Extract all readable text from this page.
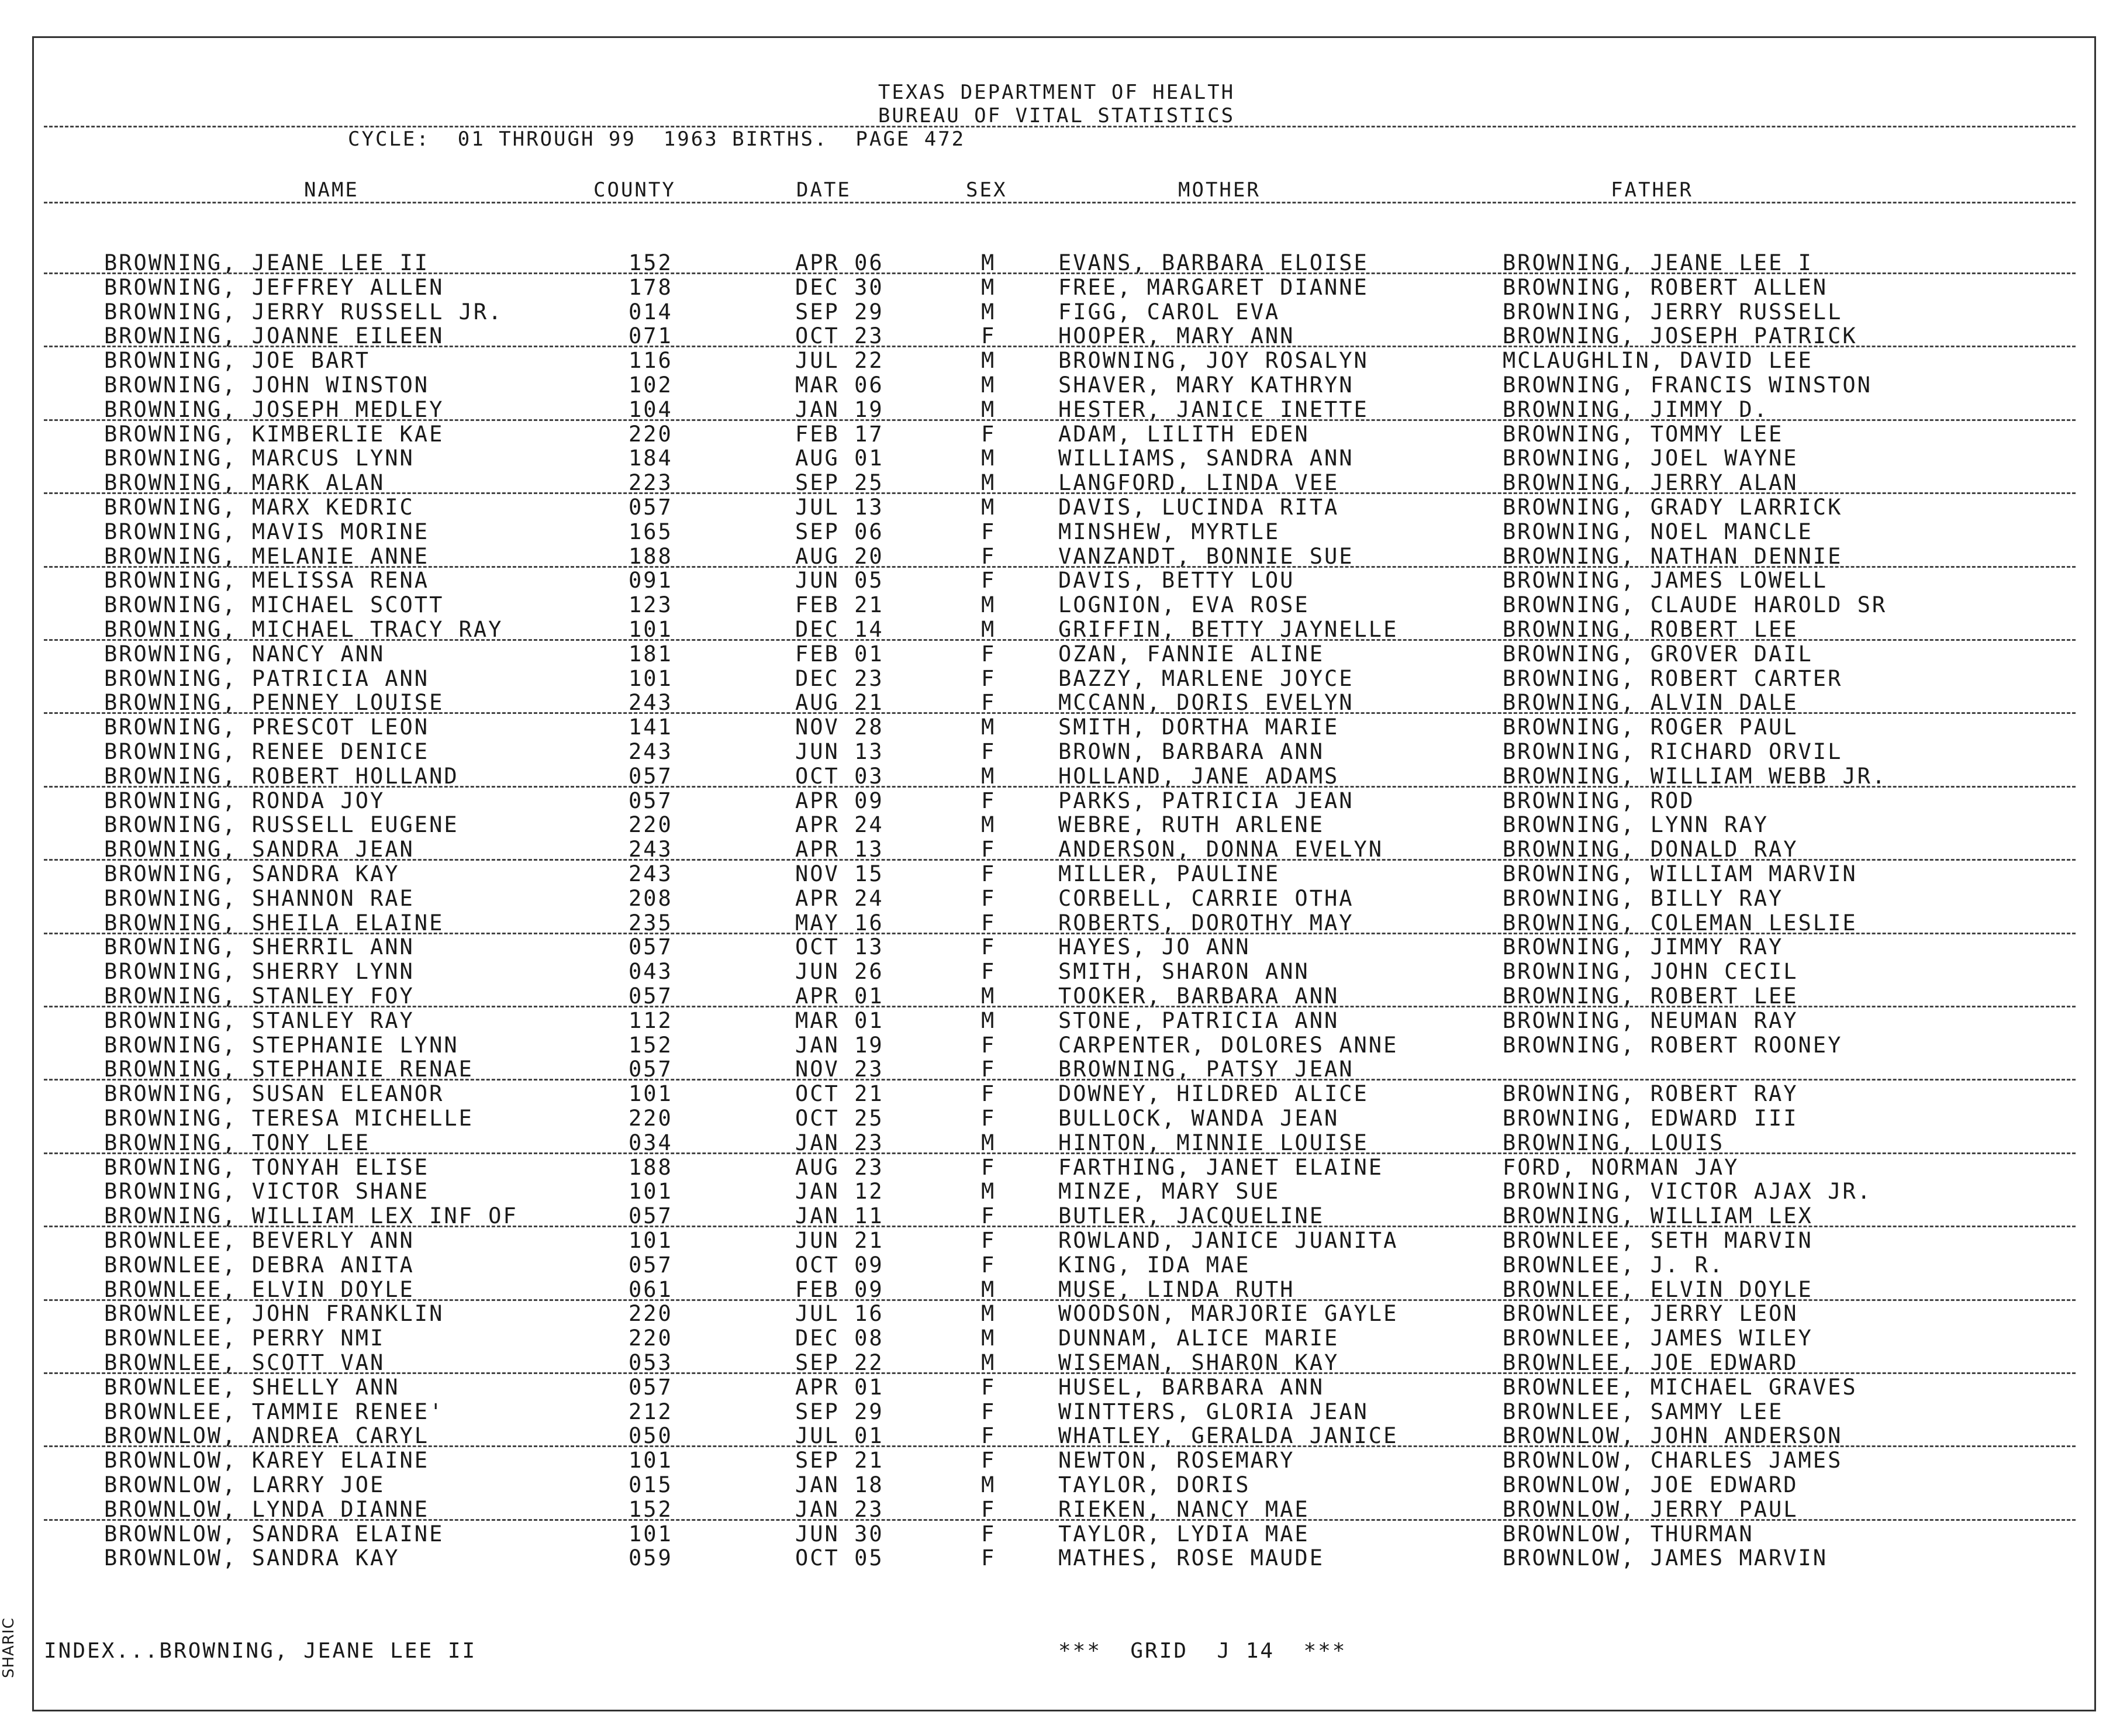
SHARIC
TEXAS DEPARTMENT OF HEALTH
BUREAU OF VITAL STATISTICS
CYCLE:  01 THROUGH 99  1963 BIRTHS.  PAGE 472
NAME	COUNTY	DATE	SEX	MOTHER	FATHER
BROWNING, JEANE LEE II	152	APR 06	M	EVANS, BARBARA ELOISE	BROWNING, JEANE LEE I
BROWNING, JEFFREY ALLEN	178	DEC 30	M	FREE, MARGARET DIANNE	BROWNING, ROBERT ALLEN
BROWNING, JERRY RUSSELL JR.	014	SEP 29	M	FIGG, CAROL EVA	BROWNING, JERRY RUSSELL
BROWNING, JOANNE EILEEN	071	OCT 23	F	HOOPER, MARY ANN	BROWNING, JOSEPH PATRICK
BROWNING, JOE BART	116	JUL 22	M	BROWNING, JOY ROSALYN	MCLAUGHLIN, DAVID LEE
BROWNING, JOHN WINSTON	102	MAR 06	M	SHAVER, MARY KATHRYN	BROWNING, FRANCIS WINSTON
BROWNING, JOSEPH MEDLEY	104	JAN 19	M	HESTER, JANICE INETTE	BROWNING, JIMMY D.
BROWNING, KIMBERLIE KAE	220	FEB 17	F	ADAM, LILITH EDEN	BROWNING, TOMMY LEE
BROWNING, MARCUS LYNN	184	AUG 01	M	WILLIAMS, SANDRA ANN	BROWNING, JOEL WAYNE
BROWNING, MARK ALAN	223	SEP 25	M	LANGFORD, LINDA VEE	BROWNING, JERRY ALAN
BROWNING, MARX KEDRIC	057	JUL 13	M	DAVIS, LUCINDA RITA	BROWNING, GRADY LARRICK
BROWNING, MAVIS MORINE	165	SEP 06	F	MINSHEW, MYRTLE	BROWNING, NOEL MANCLE
BROWNING, MELANIE ANNE	188	AUG 20	F	VANZANDT, BONNIE SUE	BROWNING, NATHAN DENNIE
BROWNING, MELISSA RENA	091	JUN 05	F	DAVIS, BETTY LOU	BROWNING, JAMES LOWELL
BROWNING, MICHAEL SCOTT	123	FEB 21	M	LOGNION, EVA ROSE	BROWNING, CLAUDE HAROLD SR
BROWNING, MICHAEL TRACY RAY	101	DEC 14	M	GRIFFIN, BETTY JAYNELLE	BROWNING, ROBERT LEE
BROWNING, NANCY ANN	181	FEB 01	F	OZAN, FANNIE ALINE	BROWNING, GROVER DAIL
BROWNING, PATRICIA ANN	101	DEC 23	F	BAZZY, MARLENE JOYCE	BROWNING, ROBERT CARTER
BROWNING, PENNEY LOUISE	243	AUG 21	F	MCCANN, DORIS EVELYN	BROWNING, ALVIN DALE
BROWNING, PRESCOT LEON	141	NOV 28	M	SMITH, DORTHA MARIE	BROWNING, ROGER PAUL
BROWNING, RENEE DENICE	243	JUN 13	F	BROWN, BARBARA ANN	BROWNING, RICHARD ORVIL
BROWNING, ROBERT HOLLAND	057	OCT 03	M	HOLLAND, JANE ADAMS	BROWNING, WILLIAM WEBB JR.
BROWNING, RONDA JOY	057	APR 09	F	PARKS, PATRICIA JEAN	BROWNING, ROD
BROWNING, RUSSELL EUGENE	220	APR 24	M	WEBRE, RUTH ARLENE	BROWNING, LYNN RAY
BROWNING, SANDRA JEAN	243	APR 13	F	ANDERSON, DONNA EVELYN	BROWNING, DONALD RAY
BROWNING, SANDRA KAY	243	NOV 15	F	MILLER, PAULINE	BROWNING, WILLIAM MARVIN
BROWNING, SHANNON RAE	208	APR 24	F	CORBELL, CARRIE OTHA	BROWNING, BILLY RAY
BROWNING, SHEILA ELAINE	235	MAY 16	F	ROBERTS, DOROTHY MAY	BROWNING, COLEMAN LESLIE
BROWNING, SHERRIL ANN	057	OCT 13	F	HAYES, JO ANN	BROWNING, JIMMY RAY
BROWNING, SHERRY LYNN	043	JUN 26	F	SMITH, SHARON ANN	BROWNING, JOHN CECIL
BROWNING, STANLEY FOY	057	APR 01	M	TOOKER, BARBARA ANN	BROWNING, ROBERT LEE
BROWNING, STANLEY RAY	112	MAR 01	M	STONE, PATRICIA ANN	BROWNING, NEUMAN RAY
BROWNING, STEPHANIE LYNN	152	JAN 19	F	CARPENTER, DOLORES ANNE	BROWNING, ROBERT ROONEY
BROWNING, STEPHANIE RENAE	057	NOV 23	F	BROWNING, PATSY JEAN
BROWNING, SUSAN ELEANOR	101	OCT 21	F	DOWNEY, HILDRED ALICE	BROWNING, ROBERT RAY
BROWNING, TERESA MICHELLE	220	OCT 25	F	BULLOCK, WANDA JEAN	BROWNING, EDWARD III
BROWNING, TONY LEE	034	JAN 23	M	HINTON, MINNIE LOUISE	BROWNING, LOUIS
BROWNING, TONYAH ELISE	188	AUG 23	F	FARTHING, JANET ELAINE	FORD, NORMAN JAY
BROWNING, VICTOR SHANE	101	JAN 12	M	MINZE, MARY SUE	BROWNING, VICTOR AJAX JR.
BROWNING, WILLIAM LEX INF OF	057	JAN 11	F	BUTLER, JACQUELINE	BROWNING, WILLIAM LEX
BROWNLEE, BEVERLY ANN	101	JUN 21	F	ROWLAND, JANICE JUANITA	BROWNLEE, SETH MARVIN
BROWNLEE, DEBRA ANITA	057	OCT 09	F	KING, IDA MAE	BROWNLEE, J. R.
BROWNLEE, ELVIN DOYLE	061	FEB 09	M	MUSE, LINDA RUTH	BROWNLEE, ELVIN DOYLE
BROWNLEE, JOHN FRANKLIN	220	JUL 16	M	WOODSON, MARJORIE GAYLE	BROWNLEE, JERRY LEON
BROWNLEE, PERRY NMI	220	DEC 08	M	DUNNAM, ALICE MARIE	BROWNLEE, JAMES WILEY
BROWNLEE, SCOTT VAN	053	SEP 22	M	WISEMAN, SHARON KAY	BROWNLEE, JOE EDWARD
BROWNLEE, SHELLY ANN	057	APR 01	F	HUSEL, BARBARA ANN	BROWNLEE, MICHAEL GRAVES
BROWNLEE, TAMMIE RENEE'	212	SEP 29	F	WINTTERS, GLORIA JEAN	BROWNLEE, SAMMY LEE
BROWNLOW, ANDREA CARYL	050	JUL 01	F	WHATLEY, GERALDA JANICE	BROWNLOW, JOHN ANDERSON
BROWNLOW, KAREY ELAINE	101	SEP 21	F	NEWTON, ROSEMARY	BROWNLOW, CHARLES JAMES
BROWNLOW, LARRY JOE	015	JAN 18	M	TAYLOR, DORIS	BROWNLOW, JOE EDWARD
BROWNLOW, LYNDA DIANNE	152	JAN 23	F	RIEKEN, NANCY MAE	BROWNLOW, JERRY PAUL
BROWNLOW, SANDRA ELAINE	101	JUN 30	F	TAYLOR, LYDIA MAE	BROWNLOW, THURMAN
BROWNLOW, SANDRA KAY	059	OCT 05	F	MATHES, ROSE MAUDE	BROWNLOW, JAMES MARVIN
INDEX...BROWNING, JEANE LEE II	***  GRID  J 14  ***
